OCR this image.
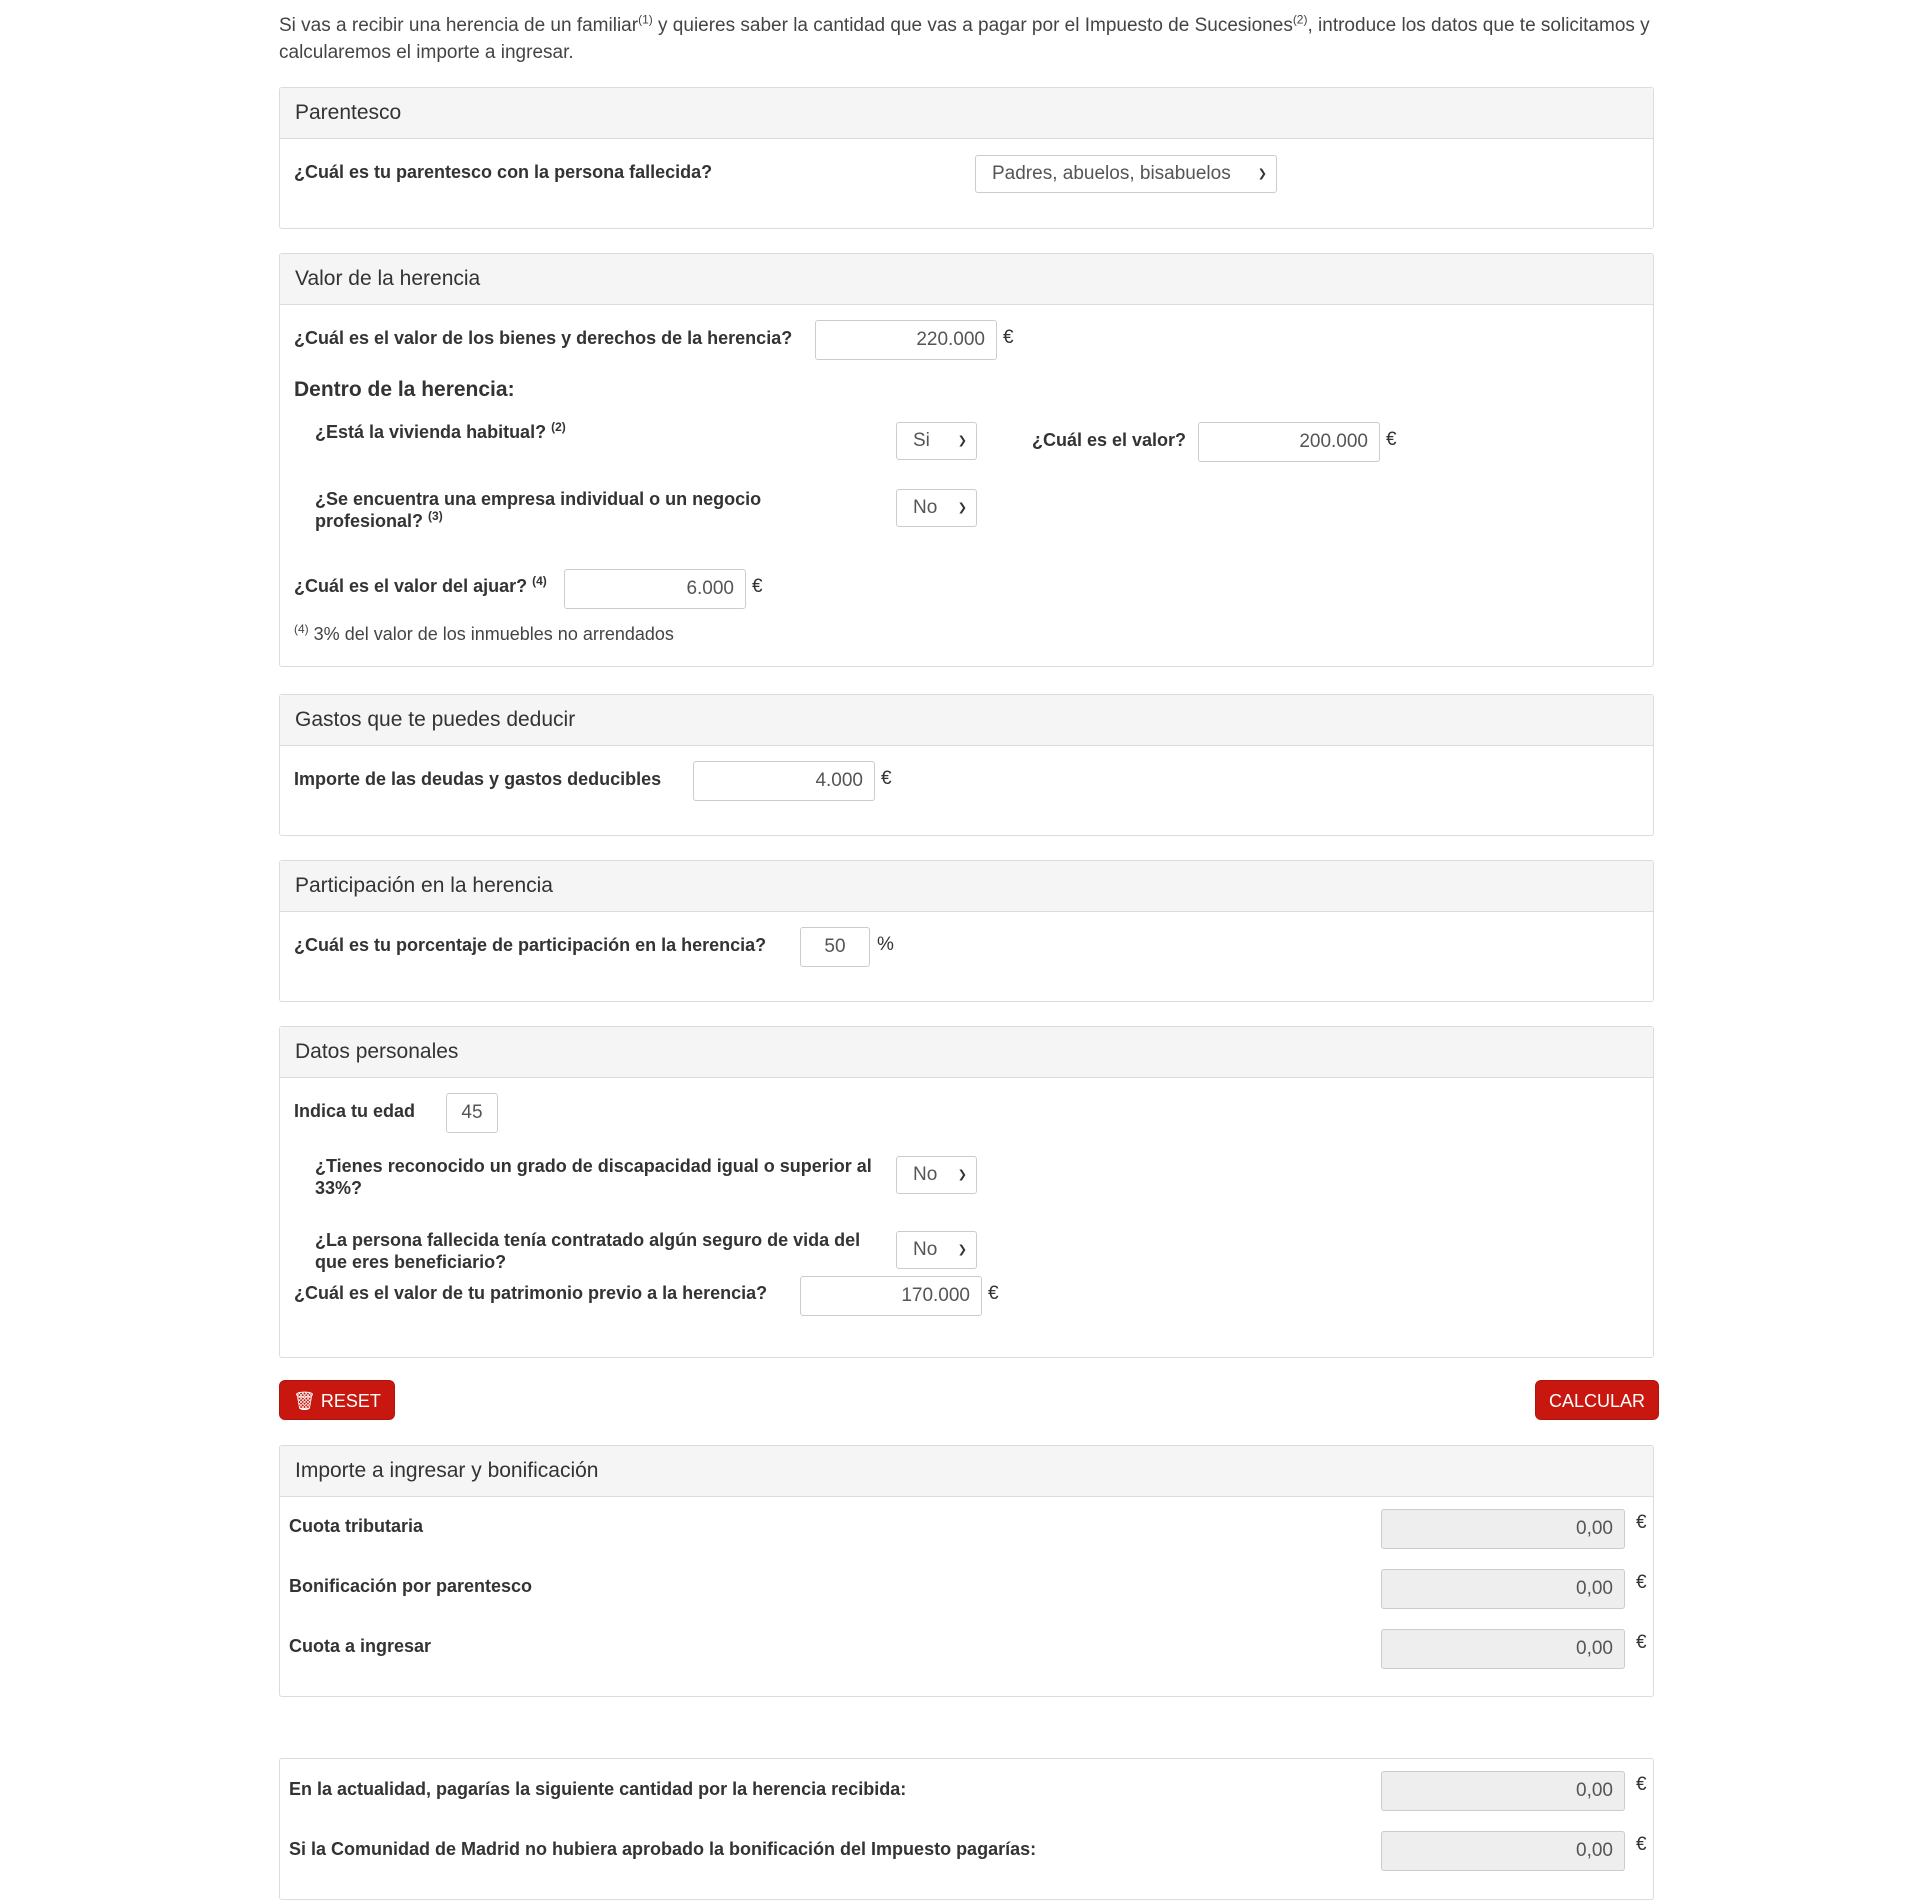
Si vas a recibir una herencia de un familiar$^{(1)}$ y quieres saber la cantidad que vas a pagar por el Impuesto de Sucesiones$^{(2)}$, introduce los datos que te solicitamos y calcularemos el importe a ingresar.
Parentesco
¿Cuál es tu parentesco con la persona fallecida?	Padres, abuelos, bisabuelos ❯
Valor de la herencia
¿Cuál es el valor de los bienes y derechos de la herencia?	220.000 €
Dentro de la herencia:
¿Está la vivienda habitual? $^{(2)}$
Si	❯	¿Cuál es el valor?	200.000 €
¿Se encuentra una empresa individual o un negocio profesional? $^{(3)}$	No ❯
¿Cuál es el valor del ajuar? $^{(4)}$	6.000 €
$^{(4)}$ 3% del valor de los inmuebles no arrendados
Gastos que te puedes deducir
Importe de las deudas y gastos deducibles	4.000 €
Participación en la herencia
¿Cuál es tu porcentaje de participación en la herencia?	50	%
Datos personales
Indica tu edad	45
¿Tienes reconocido un grado de discapacidad igual o superior al 33%?
No ❯
¿La persona fallecida tenía contratado algún seguro de vida del que eres beneficiario?
No ❯
¿Cuál es el valor de tu patrimonio previo a la herencia?	170.000 €
🗑 RESET	CALCULAR
Importe a ingresar y bonificación
Cuota tributaria	0,00	€
Bonificación por parentesco	0,00	€
Cuota a ingresar	0,00	€
En la actualidad, pagarías la siguiente cantidad por la herencia recibida:	0,00	€
Si la Comunidad de Madrid no hubiera aprobado la bonificación del Impuesto pagarías:	0,00	€
